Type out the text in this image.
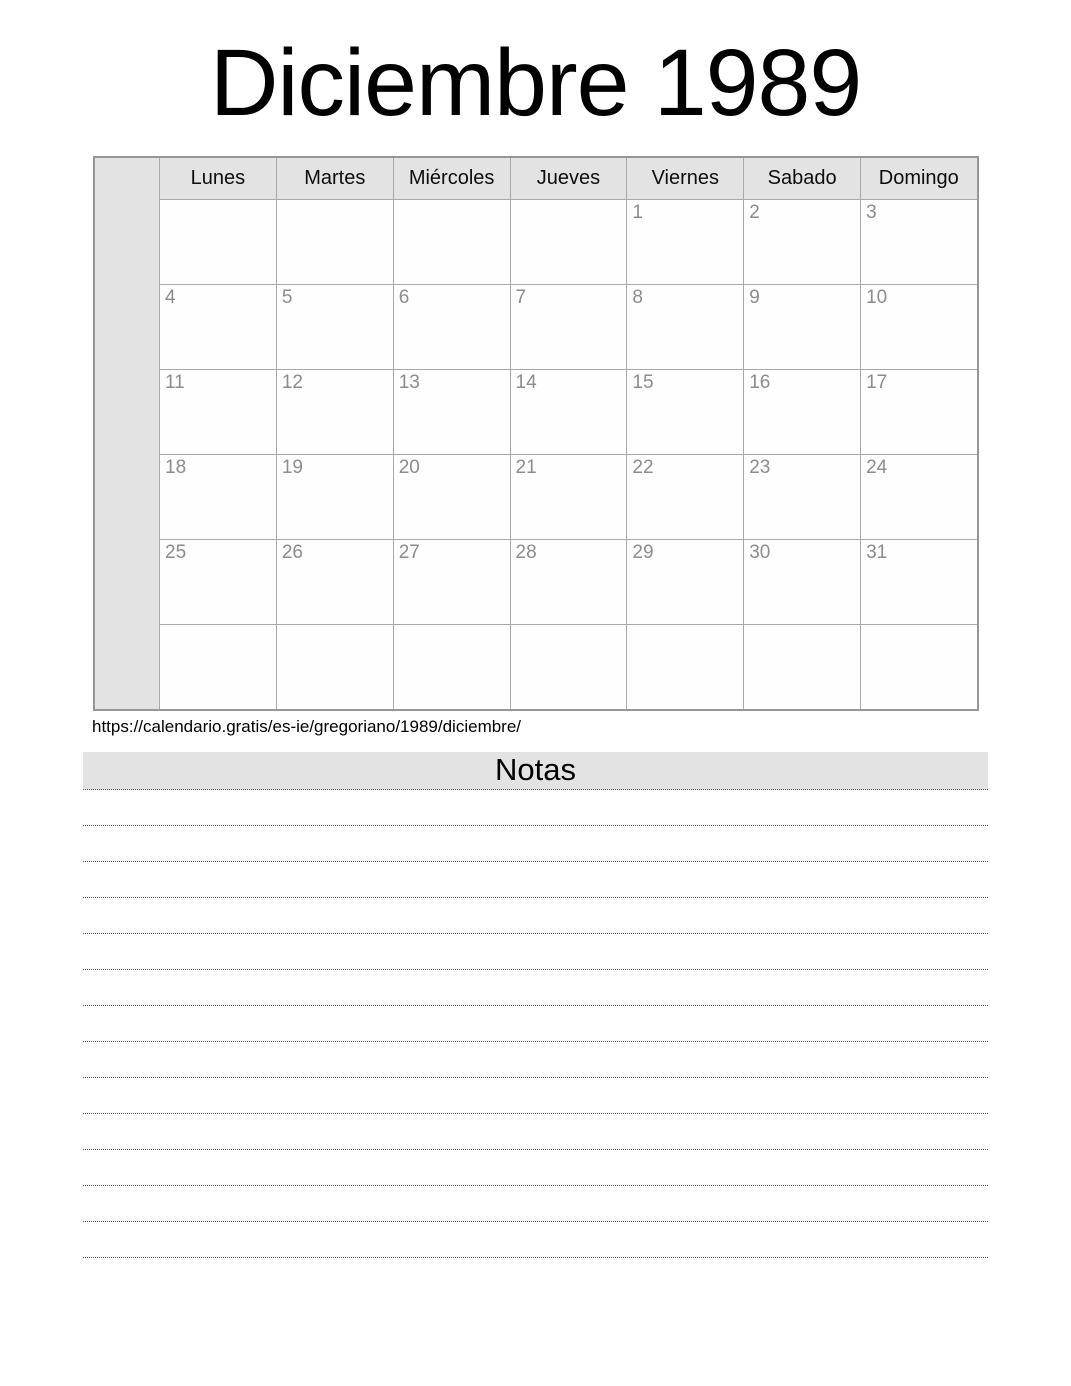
Diciembre 1989
	Lunes	Martes	Miércoles	Jueves	Viernes	Sabado	Domingo
					1	2	3
	4	5	6	7	8	9	10
	11	12	13	14	15	16	17
	18	19	20	21	22	23	24
	25	26	27	28	29	30	31

https://calendario.gratis/es-ie/gregoriano/1989/diciembre/
Notas
